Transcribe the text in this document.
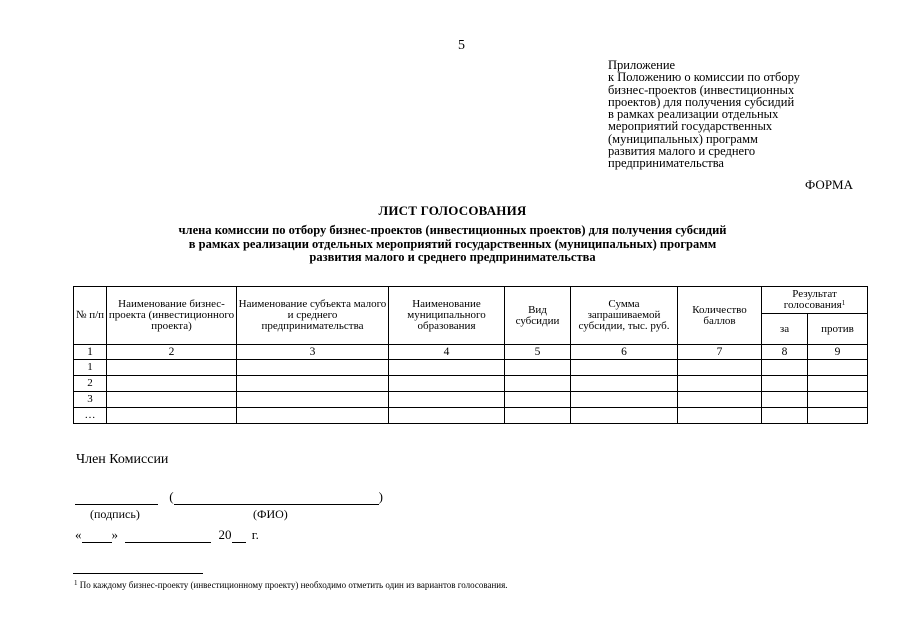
5
Приложение
к Положению о комиссии по отбору
бизнес-проектов (инвестиционных
проектов) для получения субсидий
в рамках реализации отдельных
мероприятий государственных
(муниципальных) программ
развития малого и среднего
предпринимательства
ФОРМА
ЛИСТ ГОЛОСОВАНИЯ
члена комиссии по отбору бизнес-проектов (инвестиционных проектов) для получения субсидий
в рамках реализации отдельных мероприятий государственных (муниципальных) программ
развития малого и среднего предпринимательства
№ п/п	Наименование бизнес-проекта (инвестиционного проекта)	Наименование субъекта малого и среднего предпринимательства	Наименование муниципального образования	Вид субсидии	Сумма запрашиваемой субсидии, тыс. руб.	Количество баллов	Результат голосования$^1$
							за	против
1	2	3	4	5	6	7	8	9
1								
2								
3								
…								
Член Комиссии
(	)
(подпись)	(ФИО)
« »	20 г.
$^1$ По каждому бизнес-проекту (инвестиционному проекту) необходимо отметить один из вариантов голосования.
